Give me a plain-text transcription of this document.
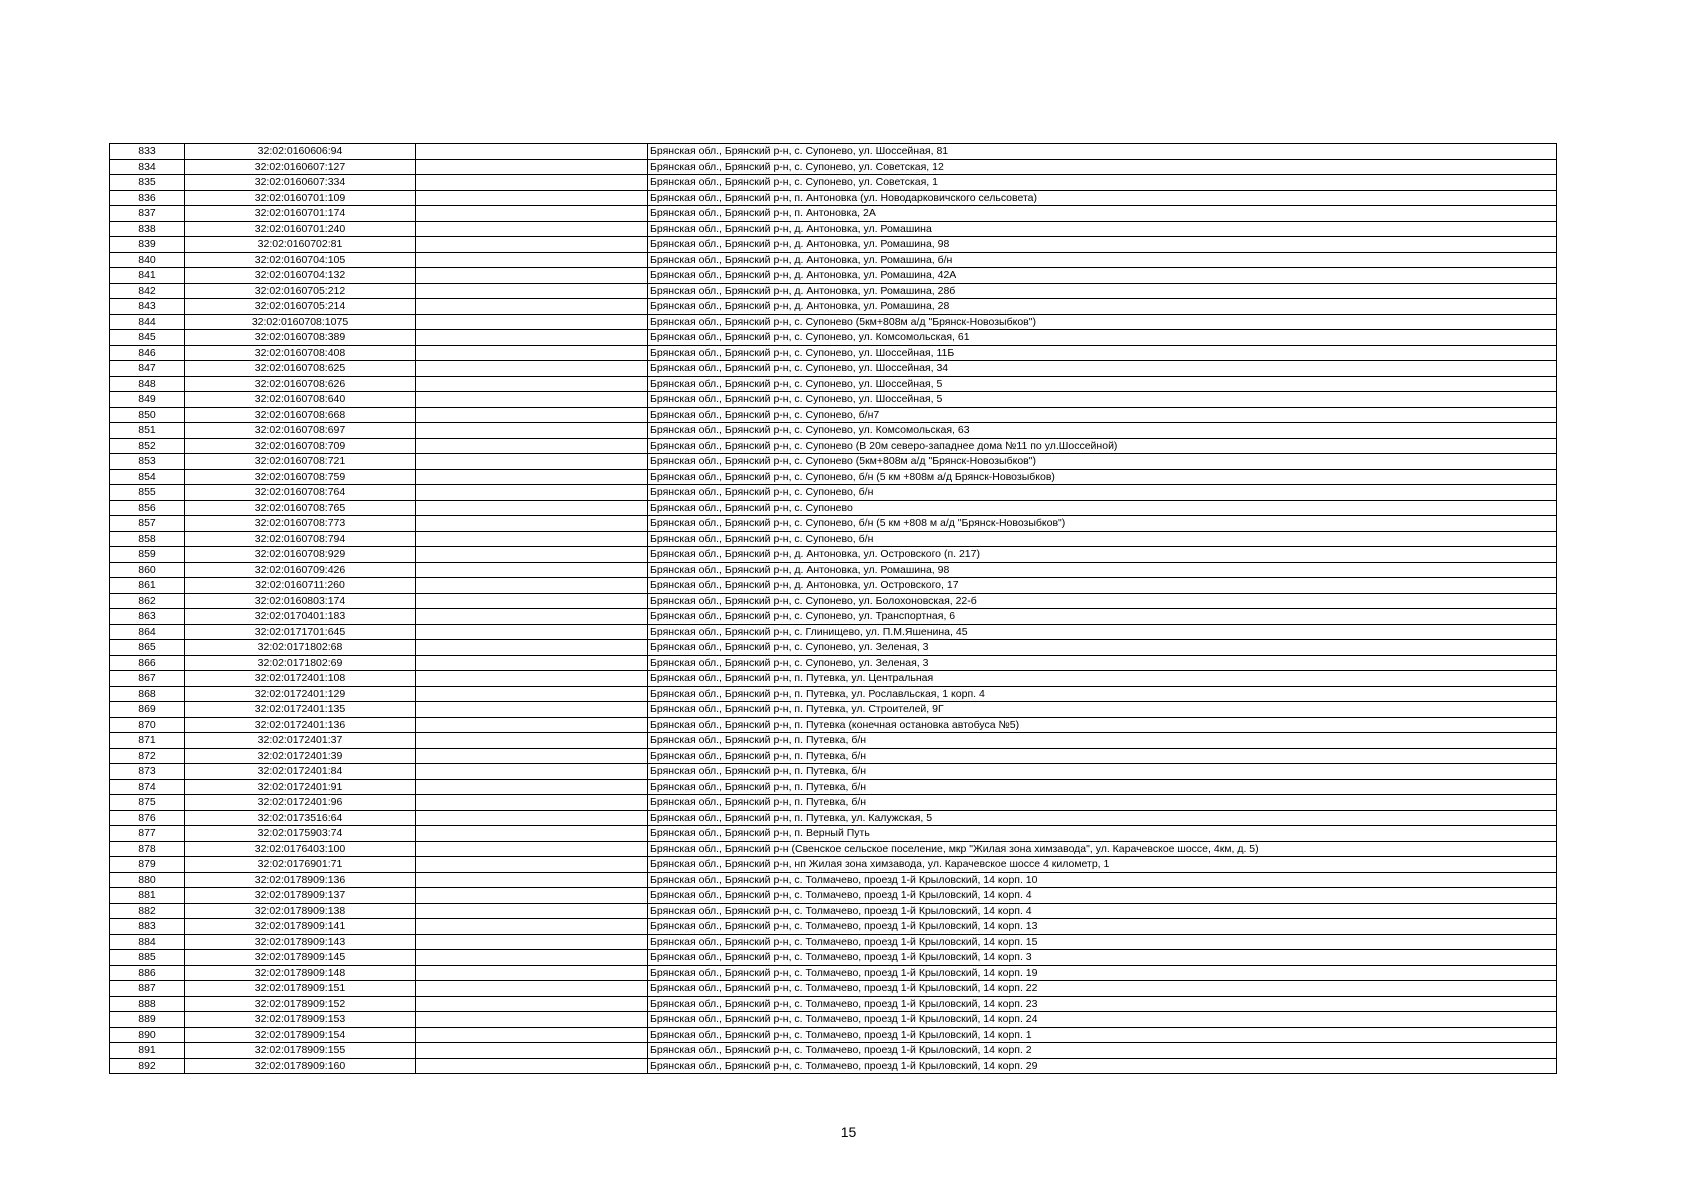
833	32:02:0160606:94		Брянская обл., Брянский р-н, с. Супонево, ул. Шоссейная, 81
834	32:02:0160607:127		Брянская обл., Брянский р-н, с. Супонево, ул. Советская, 12
835	32:02:0160607:334		Брянская обл., Брянский р-н, с. Супонево, ул. Советская, 1
836	32:02:0160701:109		Брянская обл., Брянский р-н, п. Антоновка (ул. Новодарковичского сельсовета)
837	32:02:0160701:174		Брянская обл., Брянский р-н, п. Антоновка, 2А
838	32:02:0160701:240		Брянская обл., Брянский р-н, д. Антоновка, ул. Ромашина
839	32:02:0160702:81		Брянская обл., Брянский р-н, д. Антоновка, ул. Ромашина, 98
840	32:02:0160704:105		Брянская обл., Брянский р-н, д. Антоновка, ул. Ромашина, б/н
841	32:02:0160704:132		Брянская обл., Брянский р-н, д. Антоновка, ул. Ромашина, 42А
842	32:02:0160705:212		Брянская обл., Брянский р-н, д. Антоновка, ул. Ромашина, 28б
843	32:02:0160705:214		Брянская обл., Брянский р-н, д. Антоновка, ул. Ромашина, 28
844	32:02:0160708:1075		Брянская обл., Брянский р-н, с. Супонево (5км+808м а/д "Брянск-Новозыбков")
845	32:02:0160708:389		Брянская обл., Брянский р-н, с. Супонево, ул. Комсомольская, 61
846	32:02:0160708:408		Брянская обл., Брянский р-н, с. Супонево, ул. Шоссейная, 11Б
847	32:02:0160708:625		Брянская обл., Брянский р-н, с. Супонево, ул. Шоссейная, 34
848	32:02:0160708:626		Брянская обл., Брянский р-н, с. Супонево, ул. Шоссейная, 5
849	32:02:0160708:640		Брянская обл., Брянский р-н, с. Супонево, ул. Шоссейная, 5
850	32:02:0160708:668		Брянская обл., Брянский р-н, с. Супонево, б/н7
851	32:02:0160708:697		Брянская обл., Брянский р-н, с. Супонево, ул. Комсомольская, 63
852	32:02:0160708:709		Брянская обл., Брянский р-н, с. Супонево (В 20м северо-западнее дома №11 по ул.Шоссейной)
853	32:02:0160708:721		Брянская обл., Брянский р-н, с. Супонево (5км+808м а/д "Брянск-Новозыбков")
854	32:02:0160708:759		Брянская обл., Брянский р-н, с. Супонево, б/н (5 км +808м а/д Брянск-Новозыбков)
855	32:02:0160708:764		Брянская обл., Брянский р-н, с. Супонево, б/н
856	32:02:0160708:765		Брянская обл., Брянский р-н, с. Супонево
857	32:02:0160708:773		Брянская обл., Брянский р-н, с. Супонево, б/н (5 км +808 м а/д "Брянск-Новозыбков")
858	32:02:0160708:794		Брянская обл., Брянский р-н, с. Супонево, б/н
859	32:02:0160708:929		Брянская обл., Брянский р-н, д. Антоновка, ул. Островского (п. 217)
860	32:02:0160709:426		Брянская обл., Брянский р-н, д. Антоновка, ул. Ромашина, 98
861	32:02:0160711:260		Брянская обл., Брянский р-н, д. Антоновка, ул. Островского, 17
862	32:02:0160803:174		Брянская обл., Брянский р-н, с. Супонево, ул. Болохоновская, 22-б
863	32:02:0170401:183		Брянская обл., Брянский р-н, с. Супонево, ул. Транспортная, 6
864	32:02:0171701:645		Брянская обл., Брянский р-н, с. Глинищево, ул. П.М.Яшенина, 45
865	32:02:0171802:68		Брянская обл., Брянский р-н, с. Супонево, ул. Зеленая, 3
866	32:02:0171802:69		Брянская обл., Брянский р-н, с. Супонево, ул. Зеленая, 3
867	32:02:0172401:108		Брянская обл., Брянский р-н, п. Путевка, ул. Центральная
868	32:02:0172401:129		Брянская обл., Брянский р-н, п. Путевка, ул. Рославльская, 1 корп. 4
869	32:02:0172401:135		Брянская обл., Брянский р-н, п. Путевка, ул. Строителей, 9Г
870	32:02:0172401:136		Брянская обл., Брянский р-н, п. Путевка (конечная остановка автобуса №5)
871	32:02:0172401:37		Брянская обл., Брянский р-н, п. Путевка, б/н
872	32:02:0172401:39		Брянская обл., Брянский р-н, п. Путевка, б/н
873	32:02:0172401:84		Брянская обл., Брянский р-н, п. Путевка, б/н
874	32:02:0172401:91		Брянская обл., Брянский р-н, п. Путевка, б/н
875	32:02:0172401:96		Брянская обл., Брянский р-н, п. Путевка, б/н
876	32:02:0173516:64		Брянская обл., Брянский р-н, п. Путевка, ул. Калужская, 5
877	32:02:0175903:74		Брянская обл., Брянский р-н, п. Верный Путь
878	32:02:0176403:100		Брянская обл., Брянский р-н (Свенское сельское поселение, мкр "Жилая зона химзавода", ул. Карачевское шоссе, 4км, д. 5)
879	32:02:0176901:71		Брянская обл., Брянский р-н, нп Жилая зона химзавода, ул. Карачевское шоссе 4 километр, 1
880	32:02:0178909:136		Брянская обл., Брянский р-н, с. Толмачево, проезд 1-й Крыловский, 14 корп. 10
881	32:02:0178909:137		Брянская обл., Брянский р-н, с. Толмачево, проезд 1-й Крыловский, 14 корп. 4
882	32:02:0178909:138		Брянская обл., Брянский р-н, с. Толмачево, проезд 1-й Крыловский, 14 корп. 4
883	32:02:0178909:141		Брянская обл., Брянский р-н, с. Толмачево, проезд 1-й Крыловский, 14 корп. 13
884	32:02:0178909:143		Брянская обл., Брянский р-н, с. Толмачево, проезд 1-й Крыловский, 14 корп. 15
885	32:02:0178909:145		Брянская обл., Брянский р-н, с. Толмачево, проезд 1-й Крыловский, 14 корп. 3
886	32:02:0178909:148		Брянская обл., Брянский р-н, с. Толмачево, проезд 1-й Крыловский, 14 корп. 19
887	32:02:0178909:151		Брянская обл., Брянский р-н, с. Толмачево, проезд 1-й Крыловский, 14 корп. 22
888	32:02:0178909:152		Брянская обл., Брянский р-н, с. Толмачево, проезд 1-й Крыловский, 14 корп. 23
889	32:02:0178909:153		Брянская обл., Брянский р-н, с. Толмачево, проезд 1-й Крыловский, 14 корп. 24
890	32:02:0178909:154		Брянская обл., Брянский р-н, с. Толмачево, проезд 1-й Крыловский, 14 корп. 1
891	32:02:0178909:155		Брянская обл., Брянский р-н, с. Толмачево, проезд 1-й Крыловский, 14 корп. 2
892	32:02:0178909:160		Брянская обл., Брянский р-н, с. Толмачево, проезд 1-й Крыловский, 14 корп. 29
15
